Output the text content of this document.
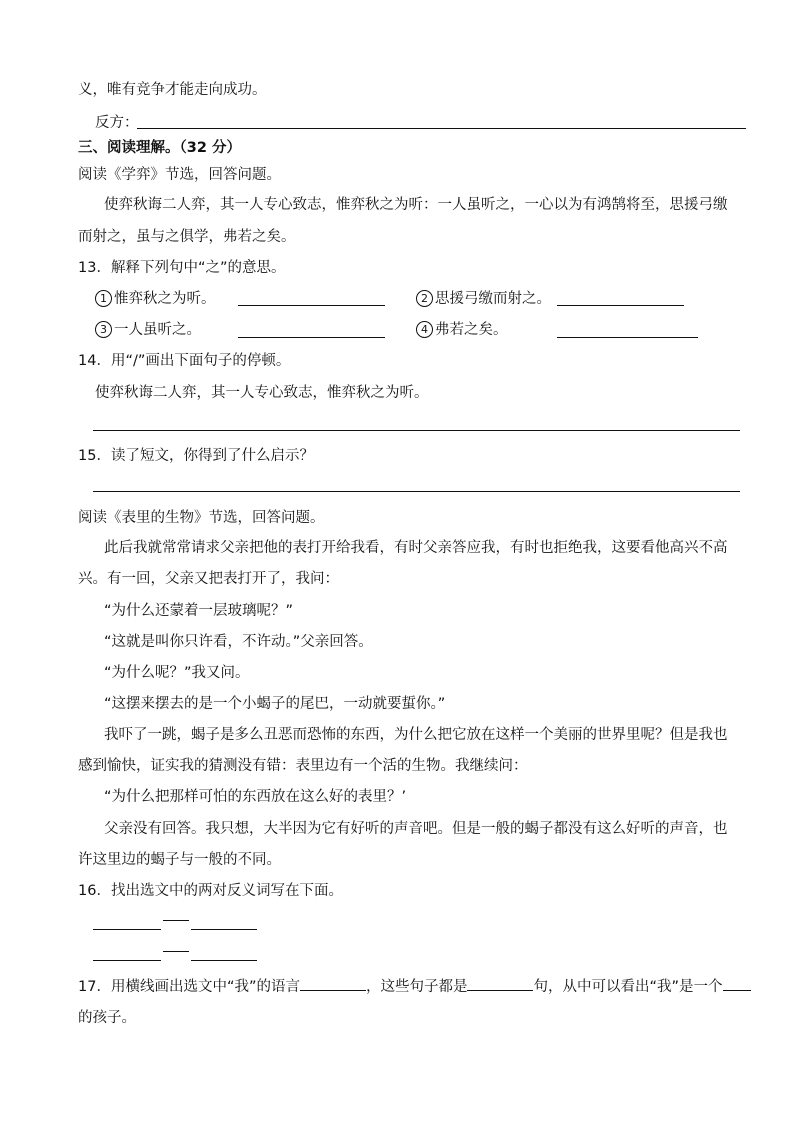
义，唯有竞争才能走向成功。
反方：
三、阅读理解。（32 分）
阅读《学弈》节选，回答问题。
使弈秋诲二人弈，其一人专心致志，惟弈秋之为听：一人虽听之，一心以为有鸿鹄将至，思援弓缴
而射之，虽与之俱学，弗若之矣。
13．解释下列句中“之”的意思。
1 惟弈秋之为听。	2 思援弓缴而射之。
3 一人虽听之。	4 弗若之矣。
14．用“/”画出下面句子的停顿。
使弈秋诲二人弈，其一人专心致志，惟弈秋之为听。
15．读了短文，你得到了什么启示？
阅读《表里的生物》节选，回答问题。
此后我就常常请求父亲把他的表打开给我看，有时父亲答应我，有时也拒绝我，这要看他高兴不高
兴。有一回，父亲又把表打开了，我问：
“为什么还蒙着一层玻璃呢？”
“这就是叫你只许看，不许动。”父亲回答。
“为什么呢？”我又问。
“这摆来摆去的是一个小蝎子的尾巴，一动就要蜇你。”
我吓了一跳，蝎子是多么丑恶而恐怖的东西，为什么把它放在这样一个美丽的世界里呢？但是我也
感到愉快，证实我的猜测没有错：表里边有一个活的生物。我继续问：
“为什么把那样可怕的东西放在这么好的表里？’
父亲没有回答。我只想，大半因为它有好听的声音吧。但是一般的蝎子都没有这么好听的声音，也
许这里边的蝎子与一般的不同。
16．找出选文中的两对反义词写在下面。
17．用横线画出选文中“我”的语言	，这些句子都是	句，从中可以看出“我”是一个
的孩子。
